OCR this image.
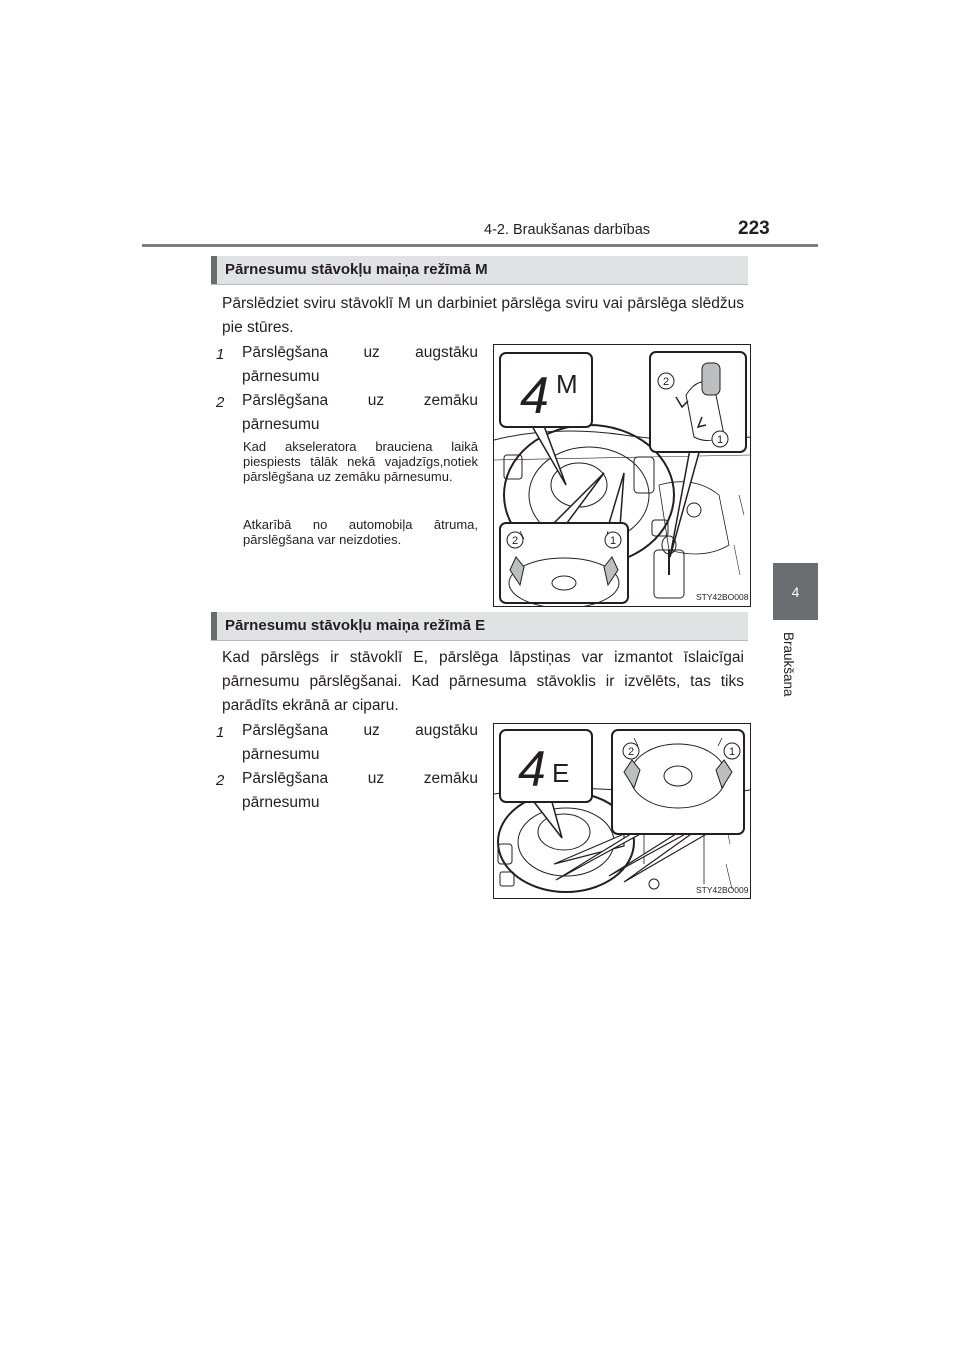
4-2. Braukšanas darbības	223
4
Braukšana
Pārnesumu stāvokļu maiņa režīmā M
Pārslēdziet sviru stāvoklī M un darbiniet pārslēga sviru vai pārslēga slēdžus pie stūres.
1	Pārslēgšana uz augstāku
pārnesumu
2	Pārslēgšana uz zemāku
pārnesumu
Kad akseleratora brauciena laikā piespiests tālāk nekā vajadzīgs,notiek pārslēgšana uz zemāku pārnesumu.
Atkarībā no automobiļa ātruma, pārslēgšana var neizdoties.
4 M	2
1
2	1
STY42BO008
Pārnesumu stāvokļu maiņa režīmā E
Kad pārslēgs ir stāvoklī E, pārslēga lāpstiņas var izmantot īslaicīgai pārnesumu pārslēgšanai. Kad pārnesuma stāvoklis ir izvēlēts, tas tiks parādīts ekrānā ar ciparu.
1	Pārslēgšana uz augstāku
pārnesumu
2	Pārslēgšana uz zemāku
pārnesumu
4 E
2	1
STY42BO009
